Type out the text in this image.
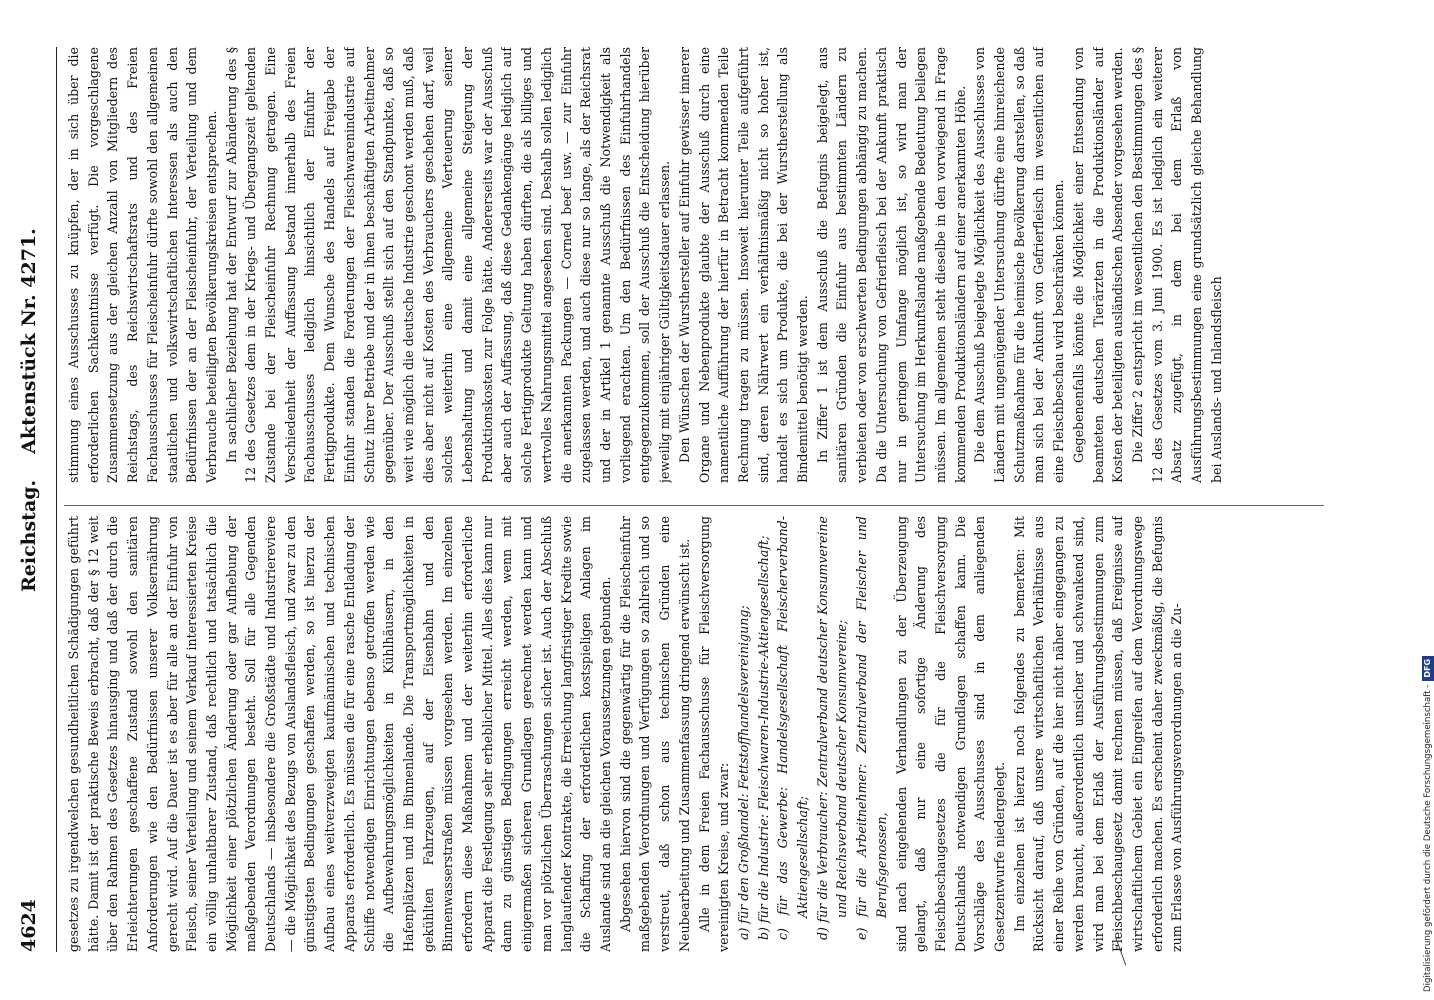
4624
Reichstag.Aktenstück Nr. 4271.

gesetzes zu irgendwelchen gesundheitlichen Schädigungen geführt hätte. Damit ist der praktische Beweis erbracht, daß der § 12 weit über den Rahmen des Gesetzes hinausging und daß der durch die Erleichterungen geschaffene Zustand sowohl den sanitären Anforderungen wie den Bedürfnissen unserer Volksernährung gerecht wird. Auf die Dauer ist es aber für alle an der Einfuhr von Fleisch, seiner Verteilung und seinem Verkauf interessierten Kreise ein völlig unhaltbarer Zustand, daß rechtlich und tatsächlich die Möglichkeit einer plötzlichen Änderung oder gar Aufhebung der maßgebenden Verordnungen besteht. Soll für alle Gegenden Deutschlands — insbesondere die Großstädte und Industriereviere — die Möglichkeit des Bezugs von Auslandsfleisch, und zwar zu den günstigsten Bedingungen geschaffen werden, so ist hierzu der Aufbau eines weitverzweigten kaufmännischen und technischen Apparats erforderlich. Es müssen die für eine rasche Entladung der Schiffe notwendigen Einrichtungen ebenso getroffen werden wie die Aufbewahrungsmöglichkeiten in Kühlhäusern, in den Hafenplätzen und im Binnenlande. Die Transportmöglichkeiten in gekühlten Fahrzeugen, auf der Eisenbahn und den Binnenwasserstraßen müssen vorgesehen werden. Im einzelnen erfordern diese Maßnahmen und der weiterhin erforderliche Apparat die Festlegung sehr erheblicher Mittel. Alles dies kann nur dann zu günstigen Bedingungen erreicht werden, wenn mit einigermaßen sicheren Grundlagen gerechnet werden kann und man vor plötzlichen Überraschungen sicher ist. Auch der Abschluß langlaufender Kontrakte, die Erreichung langfristiger Kredite sowie die Schaffung der erforderlichen kostspieligen Anlagen im Auslande sind an die gleichen Voraussetzungen gebunden. Abgesehen hiervon sind die gegenwärtig für die Fleischeinfuhr maßgebenden Verordnungen und Verfügungen so zahlreich und so verstreut, daß schon aus technischen Gründen eine Neubearbeitung und Zusammenfassung dringend erwünscht ist. Alle in dem Freien Fachausschusse für Fleischversorgung vereinigten Kreise, und zwar: a) für den Großhandel: Fettstoffhandelsvereinigung; b) für die Industrie: Fleischwaren-Industrie-Aktiengesellschaft; c) für das Gewerbe: Handelsgesellschaft Fleischerverband-Aktiengesellschaft; d) für die Verbraucher: Zentralverband deutscher Konsumvereine und Reichsverband deutscher Konsumvereine; e) für die Arbeitnehmer: Zentralverband der Fleischer und Berufsgenossen, sind nach eingehenden Verhandlungen zu der Überzeugung gelangt, daß nur eine sofortige Änderung des Fleischbeschaugesetzes die für die Fleischversorgung Deutschlands notwendigen Grundlagen schaffen kann. Die Vorschläge des Ausschusses sind in dem anliegenden Gesetzentwurfe niedergelegt. Im einzelnen ist hierzu noch folgendes zu bemerken: Mit Rücksicht darauf, daß unsere wirtschaftlichen Verhältnisse aus einer Reihe von Gründen, auf die hier nicht näher eingegangen zu werden braucht, außerordentlich unsicher und schwankend sind, wird man bei dem Erlaß der Ausführungsbestimmungen zum Fleischbeschaugesetz damit rechnen müssen, daß Ereignisse auf wirtschaftlichem Gebiet ein Eingreifen auf dem Verordnungswege erforderlich machen. Es erscheint daher zweckmäßig, die Befugnis zum Erlasse von Ausführungsverordnungen an die Zu-

stimmung eines Ausschusses zu knüpfen, der in sich über die erforderlichen Sachkenntnisse verfügt. Die vorgeschlagene Zusammensetzung aus der gleichen Anzahl von Mitgliedern des Reichstags, des Reichswirtschaftsrats und des Freien Fachausschusses für Fleischeinfuhr dürfte sowohl den allgemeinen staatlichen und volkswirtschaftlichen Interessen als auch den Bedürfnissen der an der Fleischeinfuhr, der Verteilung und dem Verbrauche beteiligten Bevölkerungskreisen entsprechen. In sachlicher Beziehung hat der Entwurf zur Abänderung des § 12 des Gesetzes dem in der Kriegs- und Übergangszeit geltenden Zustande bei der Fleischeinfuhr Rechnung getragen. Eine Verschiedenheit der Auffassung bestand innerhalb des Freien Fachausschusses lediglich hinsichtlich der Einfuhr der Fertigprodukte. Dem Wunsche des Handels auf Freigabe der Einfuhr standen die Forderungen der Fleischwarenindustrie auf Schutz ihrer Betriebe und der in ihnen beschäftigten Arbeitnehmer gegenüber. Der Ausschuß stellt sich auf den Standpunkte, daß so weit wie möglich die deutsche Industrie geschont werden muß, daß dies aber nicht auf Kosten des Verbrauchers geschehen darf, weil solches weiterhin eine allgemeine Verteuerung seiner Lebenshaltung und damit eine allgemeine Steigerung der Produktionskosten zur Folge hätte. Andererseits war der Ausschuß aber auch der Auffassung, daß diese Gedankengänge lediglich auf solche Fertigprodukte Geltung haben dürften, die als billiges und wertvolles Nahrungsmittel angesehen sind. Deshalb sollen lediglich die anerkannten Packungen — Corned beef usw. — zur Einfuhr zugelassen werden, und auch diese nur so lange, als der Reichsrat und der in Artikel 1 genannte Ausschuß die Notwendigkeit als vorliegend erachten. Um den Bedürfnissen des Einfuhrhandels entgegenzukommen, soll der Ausschuß die Entscheidung hierüber jeweilig mit einjähriger Gültigkeitsdauer erlassen. Den Wünschen der Wursthersteller auf Einfuhr gewisser innerer Organe und Nebenprodukte glaubte der Ausschuß durch eine namentliche Aufführung der hierfür in Betracht kommenden Teile Rechnung tragen zu müssen. Insoweit hierunter Teile aufgeführt sind, deren Nährwert ein verhältnismäßig nicht so hoher ist, handelt es sich um Produkte, die bei der Wurstherstellung als Bindemittel benötigt werden. In Ziffer 1 ist dem Ausschuß die Befugnis beigelegt, aus sanitären Gründen die Einfuhr aus bestimmten Ländern zu verbieten oder von erschwerten Bedingungen abhängig zu machen. Da die Untersuchung von Gefrierfleisch bei der Ankunft praktisch nur in geringem Umfange möglich ist, so wird man der Untersuchung im Herkunftslande maßgebende Bedeutung beilegen müssen. Im allgemeinen steht dieselbe in den vorwiegend in Frage kommenden Produktionsländern auf einer anerkannten Höhe. Die dem Ausschuß beigelegte Möglichkeit des Ausschlusses von Ländern mit ungenügender Untersuchung dürfte eine hinreichende Schutzmaßnahme für die heimische Bevölkerung darstellen, so daß man sich bei der Ankunft von Gefrierfleisch im wesentlichen auf eine Fleischbeschau wird beschränken können. Gegebenenfalls könnte die Möglichkeit einer Entsendung von beamteten deutschen Tierärzten in die Produktionsländer auf Kosten der beteiligten ausländischen Absender vorgesehen werden. Die Ziffer 2 entspricht im wesentlichen den Bestimmungen des § 12 des Gesetzes vom 3. Juni 1900. Es ist lediglich ein weiterer Absatz zugefügt, in dem bei dem Erlaß von Ausführungsbestimmungen eine grundsätzlich gleiche Behandlung bei Auslands- und Inlandsfleisch

Digitalisierung gefördert durch die Deutsche Forschungsgemeinschaft -DFG
